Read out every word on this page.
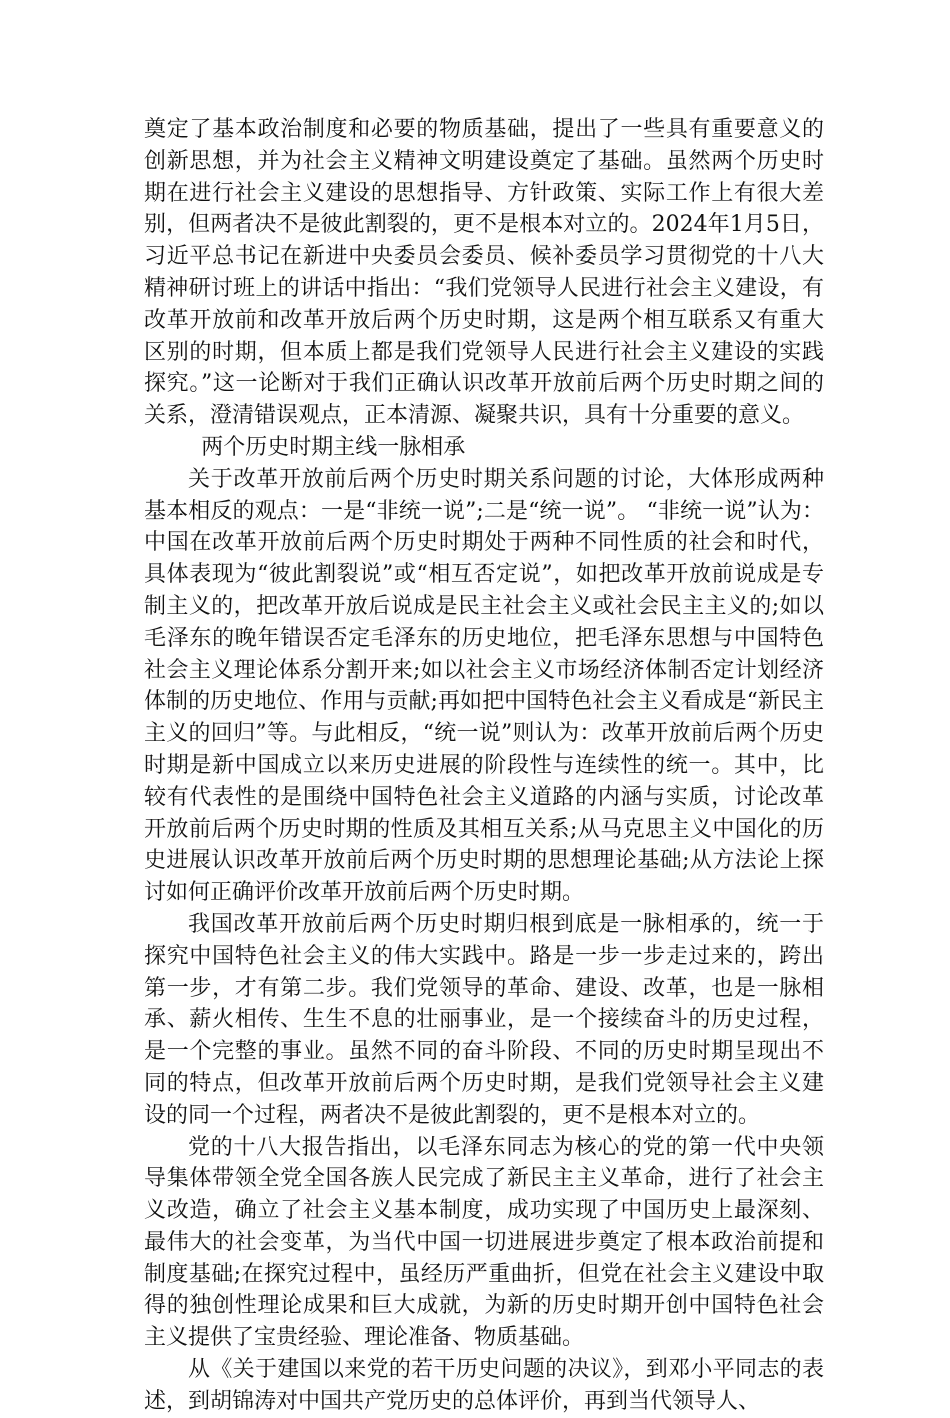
奠定了基本政治制度和必要的物质基础，提出了一些具有重要意义的创新思想，并为社会主义精神文明建设奠定了基础。虽然两个历史时期在进行社会主义建设的思想指导、方针政策、实际工作上有很大差别，但两者决不是彼此割裂的，更不是根本对立的。2024年1月5日，习近平总书记在新进中央委员会委员、候补委员学习贯彻党的十八大精神研讨班上的讲话中指出：“我们党领导人民进行社会主义建设，有改革开放前和改革开放后两个历史时期，这是两个相互联系又有重大区别的时期，但本质上都是我们党领导人民进行社会主义建设的实践探究。”这一论断对于我们正确认识改革开放前后两个历史时期之间的关系，澄清错误观点，正本清源、凝聚共识，具有十分重要的意义。

两个历史时期主线一脉相承

关于改革开放前后两个历史时期关系问题的讨论，大体形成两种基本相反的观点：一是“非统一说”;二是“统一说”。 “非统一说”认为：中国在改革开放前后两个历史时期处于两种不同性质的社会和时代，具体表现为“彼此割裂说”或“相互否定说”，如把改革开放前说成是专制主义的，把改革开放后说成是民主社会主义或社会民主主义的;如以毛泽东的晚年错误否定毛泽东的历史地位，把毛泽东思想与中国特色社会主义理论体系分割开来;如以社会主义市场经济体制否定计划经济体制的历史地位、作用与贡献;再如把中国特色社会主义看成是“新民主主义的回归”等。与此相反，“统一说”则认为：改革开放前后两个历史时期是新中国成立以来历史进展的阶段性与连续性的统一。其中，比较有代表性的是围绕中国特色社会主义道路的内涵与实质，讨论改革开放前后两个历史时期的性质及其相互关系;从马克思主义中国化的历史进展认识改革开放前后两个历史时期的思想理论基础;从方法论上探讨如何正确评价改革开放前后两个历史时期。

我国改革开放前后两个历史时期归根到底是一脉相承的，统一于探究中国特色社会主义的伟大实践中。路是一步一步走过来的，跨出第一步，才有第二步。我们党领导的革命、建设、改革，也是一脉相承、薪火相传、生生不息的壮丽事业，是一个接续奋斗的历史过程，是一个完整的事业。虽然不同的奋斗阶段、不同的历史时期呈现出不同的特点，但改革开放前后两个历史时期，是我们党领导社会主义建设的同一个过程，两者决不是彼此割裂的，更不是根本对立的。

党的十八大报告指出，以毛泽东同志为核心的党的第一代中央领导集体带领全党全国各族人民完成了新民主主义革命，进行了社会主义改造，确立了社会主义基本制度，成功实现了中国历史上最深刻、最伟大的社会变革，为当代中国一切进展进步奠定了根本政治前提和制度基础;在探究过程中，虽经历严重曲折，但党在社会主义建设中取得的独创性理论成果和巨大成就，为新的历史时期开创中国特色社会主义提供了宝贵经验、理论准备、物质基础。

从《关于建国以来党的若干历史问题的决议》，到邓小平同志的表述，到胡锦涛对中国共产党历史的总体评价，再到当代领导人、
